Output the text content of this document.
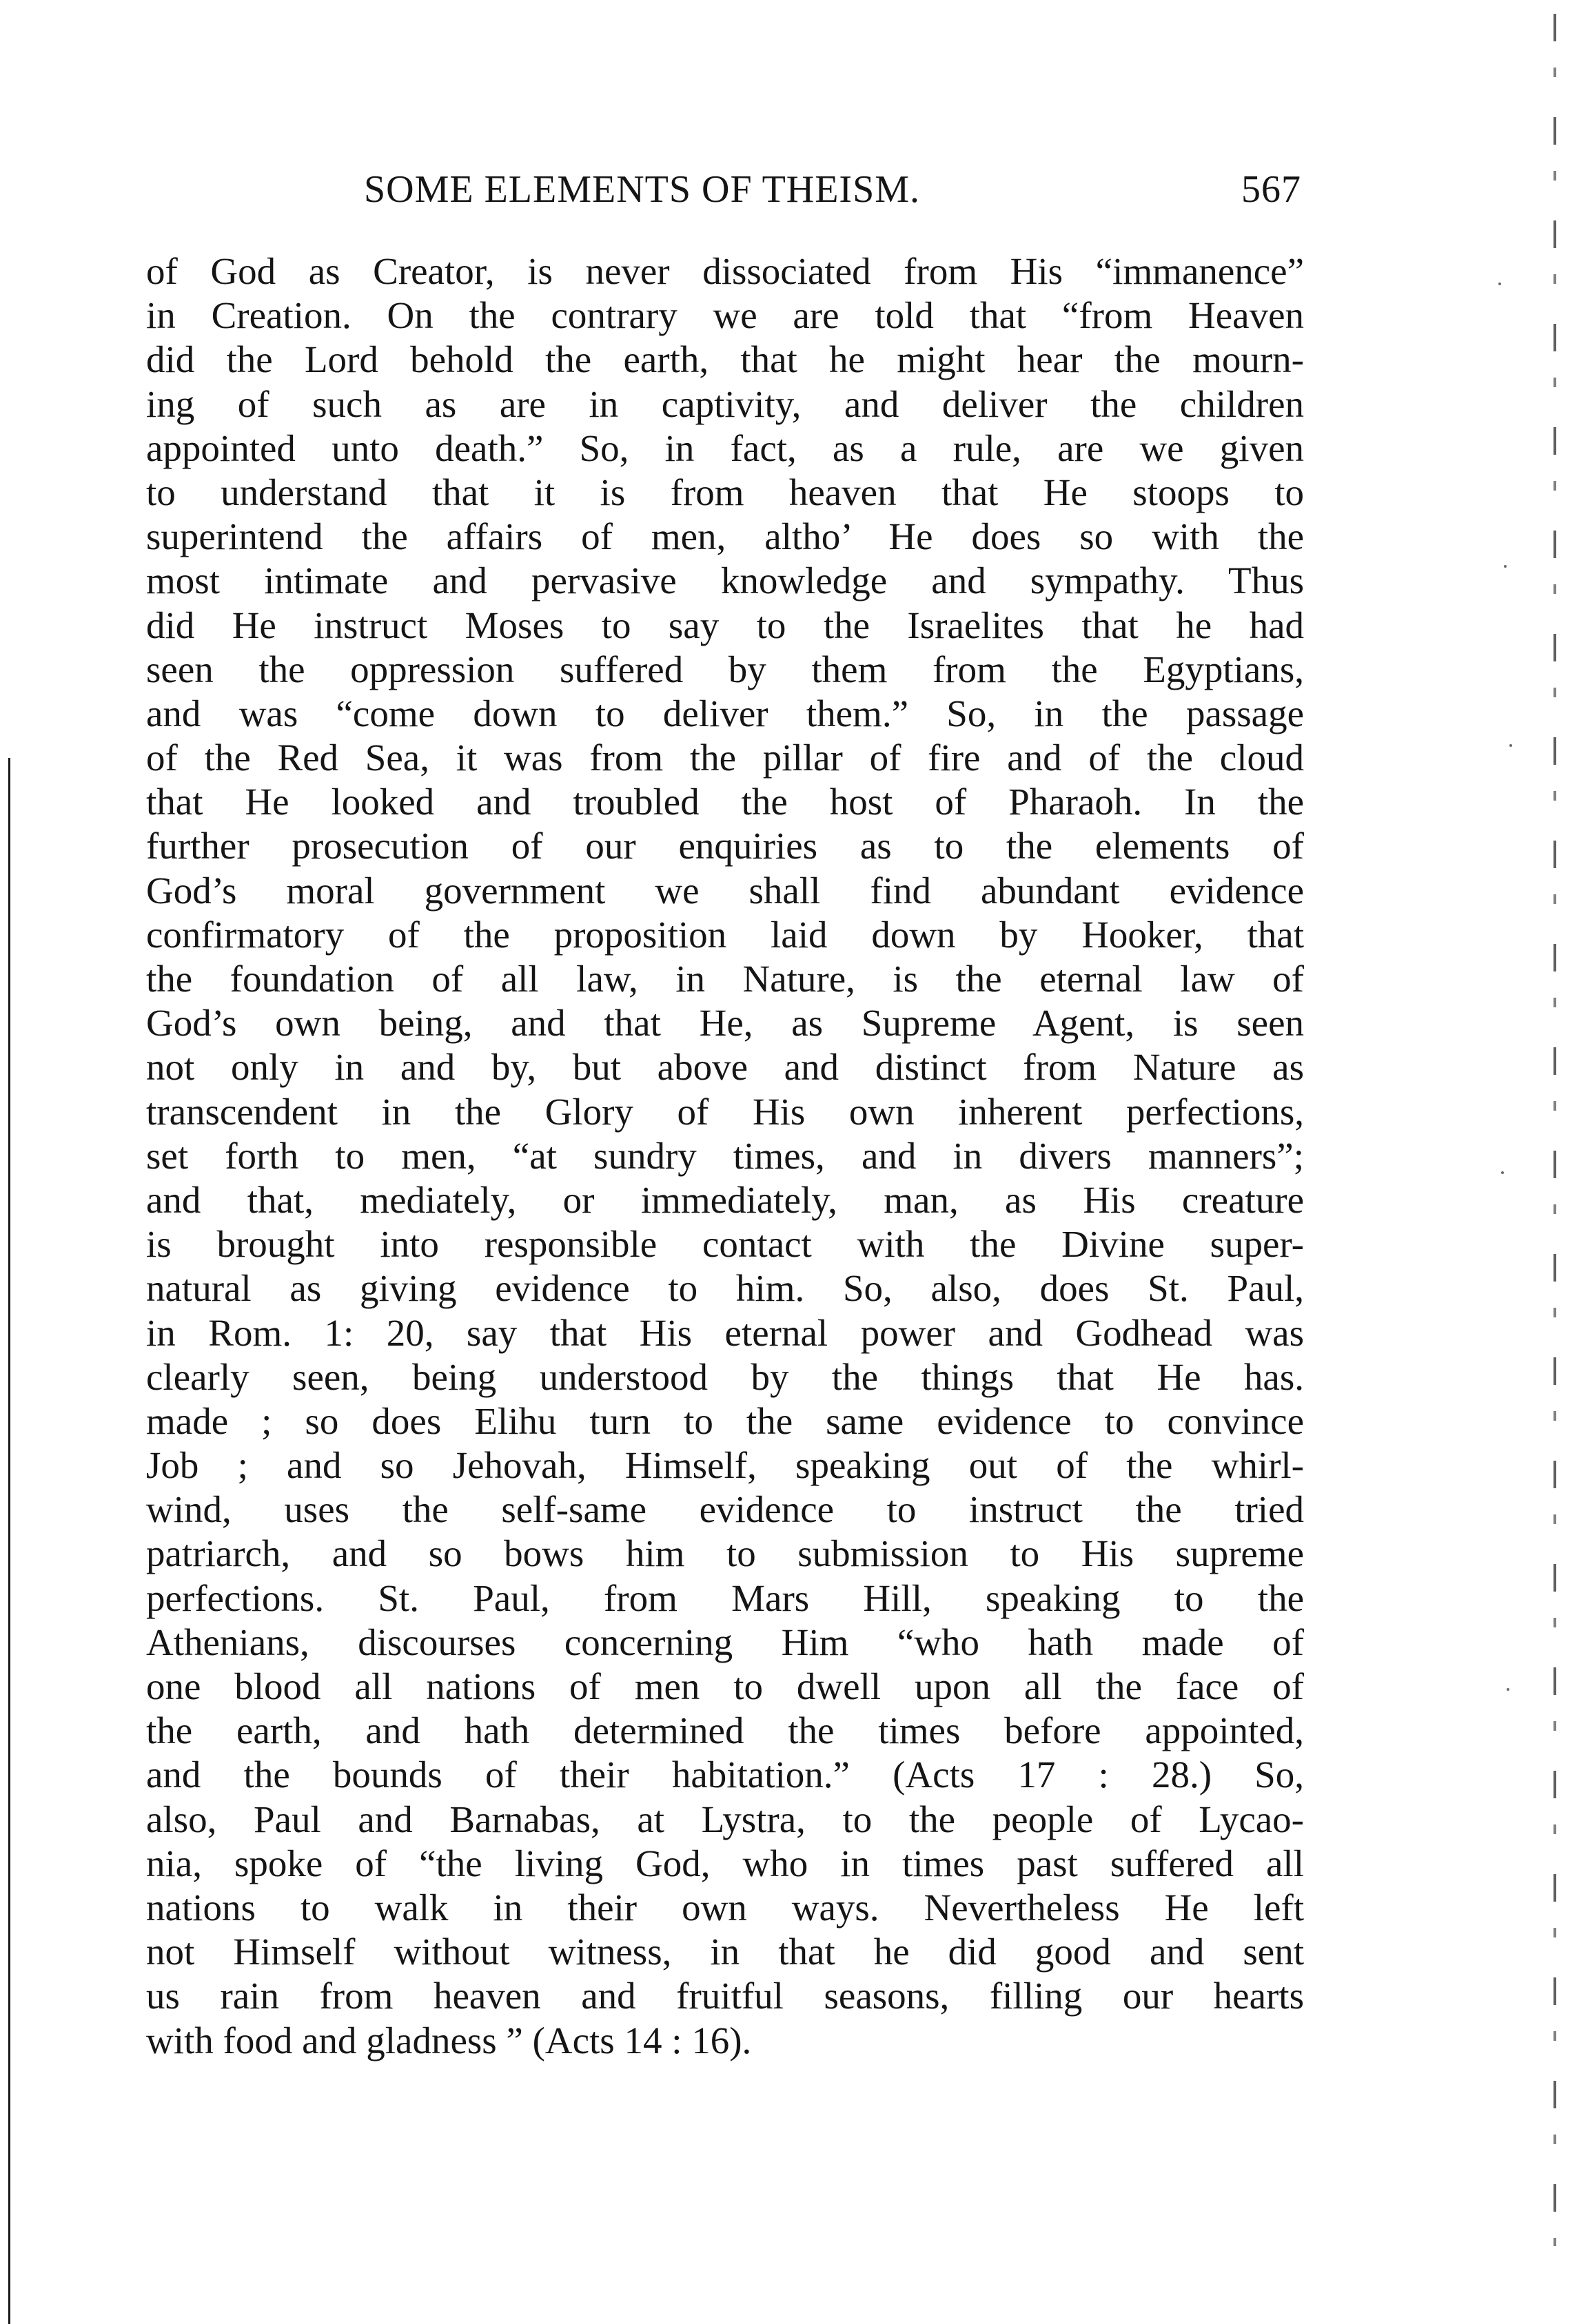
SOME ELEMENTS OF THEISM.	567
of God as Creator, is never dissociated from His “immanence”
in Creation. On the contrary we are told that “from Heaven
did the Lord behold the earth, that he might hear the mourn-
ing of such as are in captivity, and deliver the children
appointed unto death.” So, in fact, as a rule, are we given
to understand that it is from heaven that He stoops to
superintend the affairs of men, altho’ He does so with the
most intimate and pervasive knowledge and sympathy. Thus
did He instruct Moses to say to the Israelites that he had
seen the oppression suffered by them from the Egyptians,
and was “come down to deliver them.” So, in the passage
of the Red Sea, it was from the pillar of fire and of the cloud
that He looked and troubled the host of Pharaoh. In the
further prosecution of our enquiries as to the elements of
God’s moral government we shall find abundant evidence
confirmatory of the proposition laid down by Hooker, that
the foundation of all law, in Nature, is the eternal law of
God’s own being, and that He, as Supreme Agent, is seen
not only in and by, but above and distinct from Nature as
transcendent in the Glory of His own inherent perfections,
set forth to men, “at sundry times, and in divers manners”;
and that, mediately, or immediately, man, as His creature
is brought into responsible contact with the Divine super-
natural as giving evidence to him. So, also, does St. Paul,
in Rom. 1: 20, say that His eternal power and Godhead was
clearly seen, being understood by the things that He has.
made ; so does Elihu turn to the same evidence to convince
Job ; and so Jehovah, Himself, speaking out of the whirl-
wind, uses the self-same evidence to instruct the tried
patriarch, and so bows him to submission to His supreme
perfections. St. Paul, from Mars Hill, speaking to the
Athenians, discourses concerning Him “who hath made of
one blood all nations of men to dwell upon all the face of
the earth, and hath determined the times before appointed,
and the bounds of their habitation.” (Acts 17 : 28.) So,
also, Paul and Barnabas, at Lystra, to the people of Lycao-
nia, spoke of “the living God, who in times past suffered all
nations to walk in their own ways. Nevertheless He left
not Himself without witness, in that he did good and sent
us rain from heaven and fruitful seasons, filling our hearts
with food and gladness ” (Acts 14 : 16).
